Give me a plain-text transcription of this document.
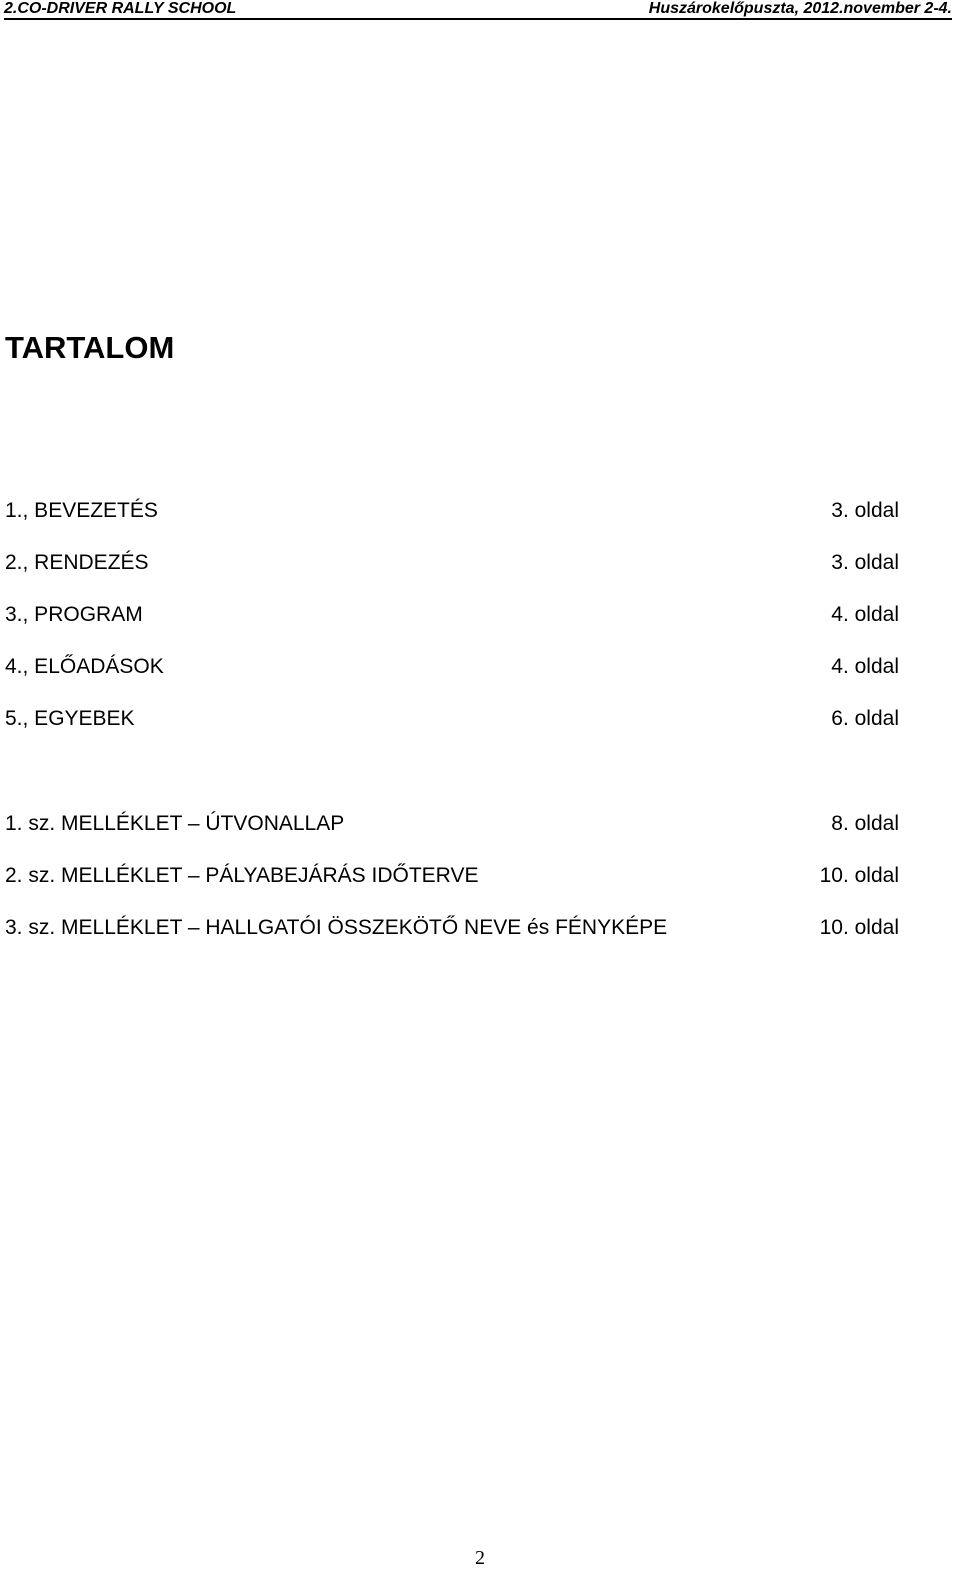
2.CO-DRIVER RALLY SCHOOL	Huszárokelőpuszta, 2012.november 2-4.
TARTALOM
1., BEVEZETÉS	3. oldal
2., RENDEZÉS	3. oldal
3., PROGRAM	4. oldal
4., ELŐADÁSOK	4. oldal
5., EGYEBEK	6. oldal
1. sz. MELLÉKLET – ÚTVONALLAP	8. oldal
2. sz. MELLÉKLET – PÁLYABEJÁRÁS IDŐTERVE	10. oldal
3. sz. MELLÉKLET – HALLGATÓI ÖSSZEKÖTŐ NEVE és FÉNYKÉPE	10. oldal
2
